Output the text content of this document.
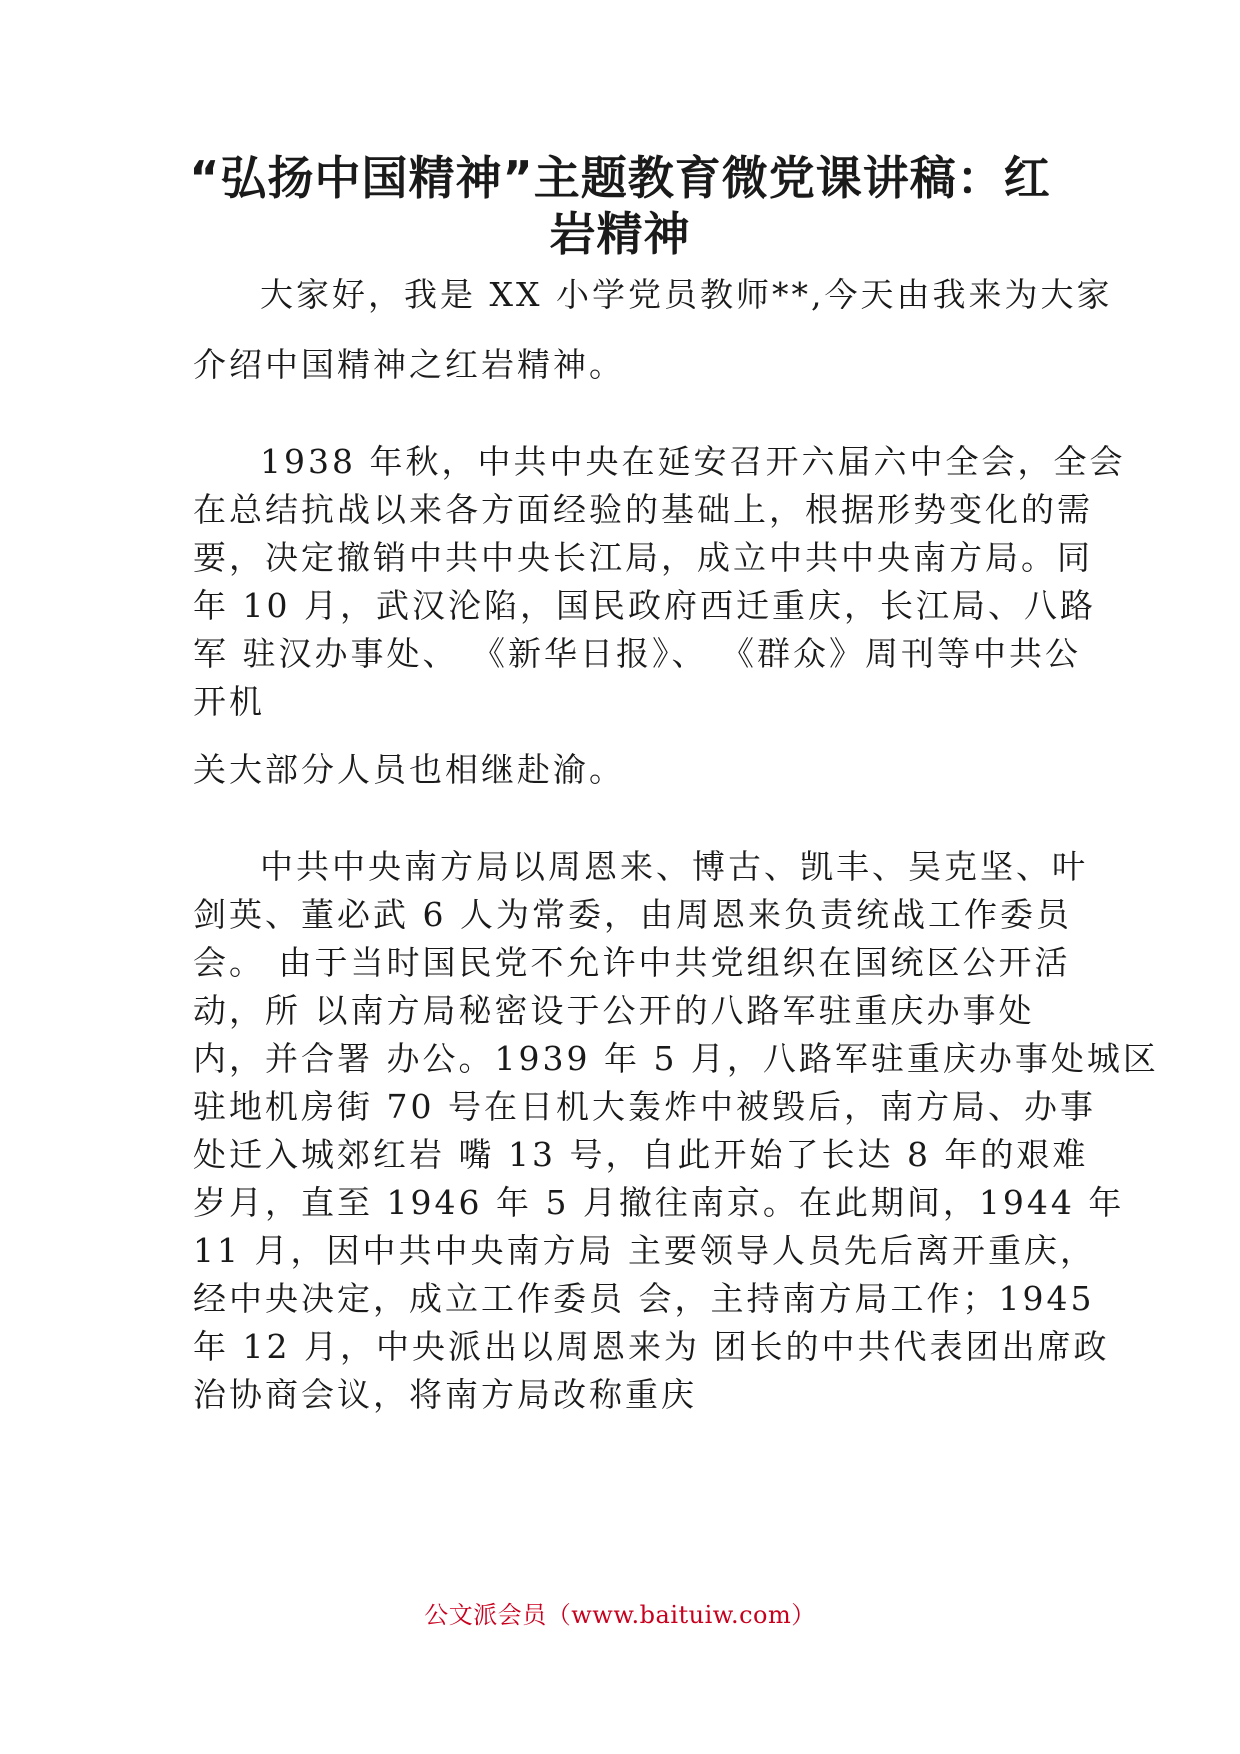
“弘扬中国精神”主题教育微党课讲稿：红
岩精神
大家好，我是 XX 小学党员教师**,今天由我来为大家
介绍中国精神之红岩精神。
1938 年秋，中共中央在延安召开六届六中全会，全会
在总结抗战以来各方面经验的基础上，根据形势变化的需
要，决定撤销中共中央长江局，成立中共中央南方局。同
年 10 月，武汉沦陷，国民政府西迁重庆，长江局、八路
军 驻汉办事处、 《新华日报》、 《群众》周刊等中共公
开机
关大部分人员也相继赴渝。
中共中央南方局以周恩来、博古、凯丰、吴克坚、叶
剑英、董必武 6 人为常委，由周恩来负责统战工作委员
会。 由于当时国民党不允许中共党组织在国统区公开活
动，所 以南方局秘密设于公开的八路军驻重庆办事处
内，并合署 办公。1939 年 5 月，八路军驻重庆办事处城区
驻地机房街 70 号在日机大轰炸中被毁后，南方局、办事
处迁入城郊红岩 嘴 13 号，自此开始了长达 8 年的艰难
岁月，直至 1946 年 5 月撤往南京。在此期间，1944 年
11 月，因中共中央南方局 主要领导人员先后离开重庆，
经中央决定，成立工作委员 会，主持南方局工作；1945
年 12 月，中央派出以周恩来为 团长的中共代表团出席政
治协商会议，将南方局改称重庆
公文派会员（www.baituiw.com）
